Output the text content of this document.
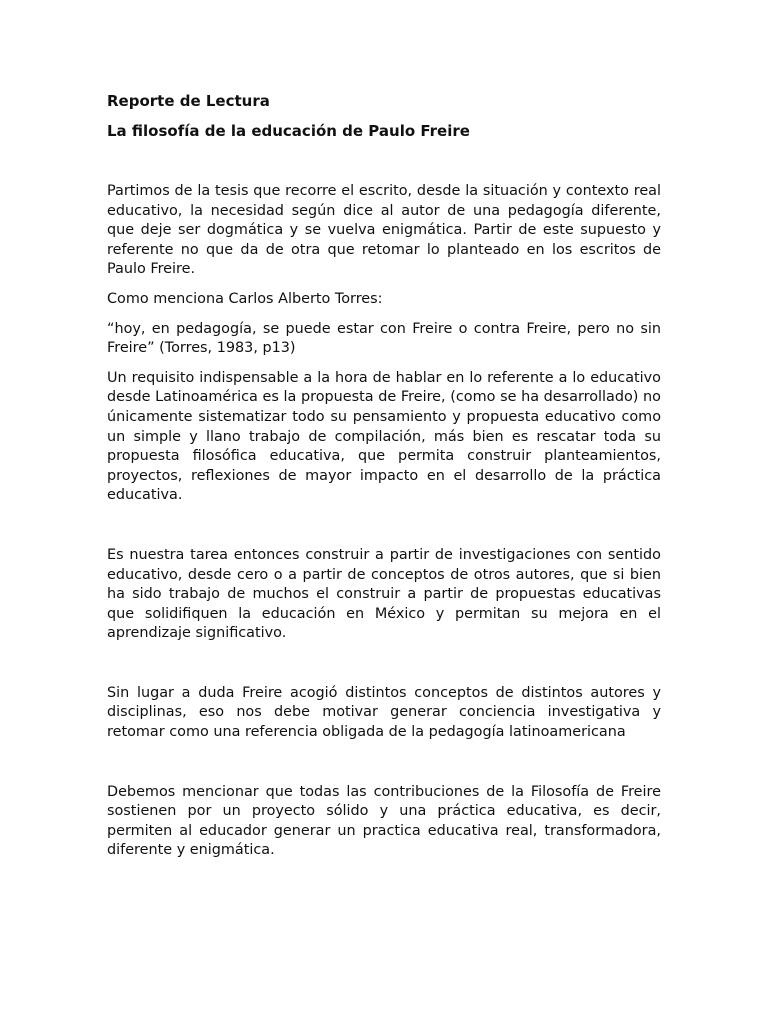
Reporte de Lectura

La filosofía de la educación de Paulo Freire

Partimos de la tesis que recorre el escrito, desde la situación y contexto real educativo, la necesidad según dice al autor de una pedagogía diferente, que deje ser dogmática y se vuelva enigmática. Partir de este supuesto y referente no que da de otra que retomar lo planteado en los escritos de Paulo Freire.

Como menciona Carlos Alberto Torres:

“hoy, en pedagogía, se puede estar con Freire o contra Freire, pero no sin Freire” (Torres, 1983, p13)

Un requisito indispensable a la hora de hablar en lo referente a lo educativo desde Latinoamérica es la propuesta de Freire, (como se ha desarrollado) no únicamente sistematizar todo su pensamiento y propuesta educativo como un simple y llano trabajo de compilación, más bien es rescatar toda su propuesta filosófica educativa, que permita construir planteamientos, proyectos, reflexiones de mayor impacto en el desarrollo de la práctica educativa.

Es nuestra tarea entonces construir a partir de investigaciones con sentido educativo, desde cero o a partir de conceptos de otros autores, que si bien ha sido trabajo de muchos el construir a partir de propuestas educativas que solidifiquen la educación en México y permitan su mejora en el aprendizaje significativo.

Sin lugar a duda Freire acogió distintos conceptos de distintos autores y disciplinas, eso nos debe motivar generar conciencia investigativa y retomar como una referencia obligada de la pedagogía latinoamericana

Debemos mencionar que todas las contribuciones de la Filosofía de Freire sostienen por un proyecto sólido y una práctica educativa, es decir, permiten al educador generar un practica educativa real, transformadora, diferente y enigmática.
